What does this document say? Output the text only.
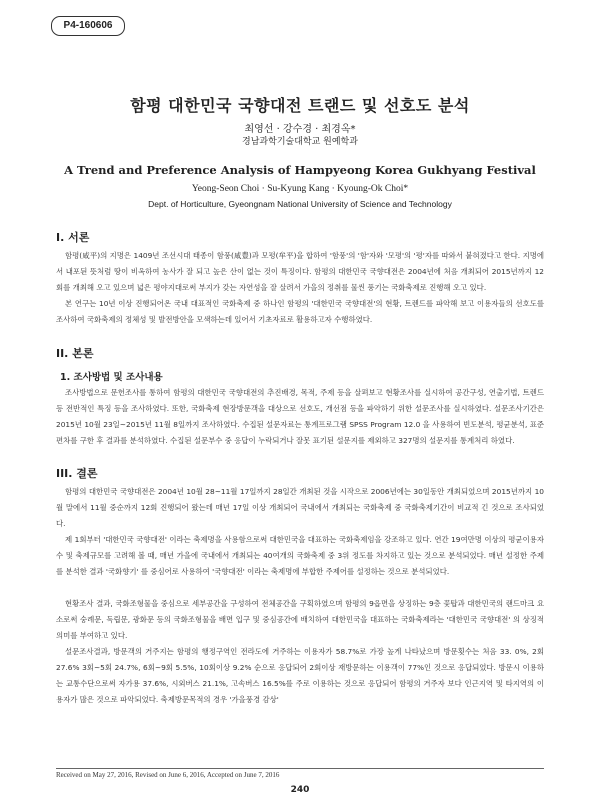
P4-160606
함평 대한민국 국향대전 트랜드 및 선호도 분석
최영선 · 강수경 · 최경옥*
경남과학기술대학교 원예학과
A Trend and Preference Analysis of Hampyeong Korea Gukhyang Festival
Yeong-Seon Choi · Su-Kyung Kang · Kyoung-Ok Choi*
Dept. of Horticulture, Gyeongnam National University of Science and Technology
I. 서론

함평(咸平)의 지명은 1409년 조선시대 태종이 함풍(咸豊)과 모평(牟平)을 합하여 '함풍'의 '함'자와 '모평'의 '평'자를 따와서 붙혀졌다고 한다. 지명에서 내포된 뜻처럼 땅이 비옥하여 농사가 잘 되고 높은 산이 없는 것이 특징이다. 함평의 대한민국 국향대전은 2004년에 처음 개최되어 2015년까지 12회를 개최해 오고 있으며 넓은 평야지대로써 부지가 갖는 자연성을 잘 살려서 가을의 정취를 물씬 풍기는 국화축제로 진행해 오고 있다.

본 연구는 10년 이상 진행되어온 국내 대표적인 국화축제 중 하나인 함평의 '대한민국 국향대전'의 현황, 트렌드를 파악해 보고 이용자들의 선호도를 조사하여 국화축제의 정체성 및 발전방안을 모색하는데 있어서 기초자료로 활용하고자 수행하였다.

II. 본론
1. 조사방법 및 조사내용

조사방법으로 문헌조사를 통하여 함평의 대한민국 국향대전의 추진배경, 목적, 주제 등을 살펴보고 현황조사를 실시하여 공간구성, 연출기법, 트렌드 등 전반적인 특징 등을 조사하였다. 또한, 국화축제 현장방문객을 대상으로 선호도, 개선점 등을 파악하기 위한 설문조사를 실시하였다. 설문조사기간은 2015년 10월 23일~2015년 11월 8일까지 조사하였다. 수집된 설문자료는 통계프로그램 SPSS Program 12.0 을 사용하여 빈도분석, 평균분석, 표준편차를 구한 후 결과를 분석하였다. 수집된 설문부수 중 응답이 누락되거나 잘못 표기된 설문지를 제외하고 327명의 설문지를 통계처리 하였다.

III. 결론

함평의 대한민국 국향대전은 2004년 10월 28~11월 17일까지 28일간 개최된 것을 시작으로 2006년에는 30일동안 개최되었으며 2015년까지 10월 말에서 11월 중순까지 12회 진행되어 왔는데 매년 17일 이상 개최되어 국내에서 개최되는 국화축제 중 국화축제기간이 비교적 긴 것으로 조사되었다.

제 1회부터 '대한민국 국향대전' 이라는 축제명을 사용함으로써 대한민국을 대표하는 국화축제임을 강조하고 있다. 연간 19여만명 이상의 평균이용자 수 및 축제규모를 고려해 볼 때, 매년 가을에 국내에서 개최되는 40여개의 국화축제 중 3위 정도를 차지하고 있는 것으로 분석되었다. 매년 설정한 주제를 분석한 결과 '국화향기' 를 중심어로 사용하여 '국향대전' 이라는 축제명에 부합한 주제어를 설정하는 것으로 분석되었다.

현황조사 결과, 국화조형물을 중심으로 세부공간을 구성하여 전체공간을 구획하였으며 함평의 9읍면을 상징하는 9층 꽃탑과 대한민국의 랜드마크 요소로써 숭례문, 독립문, 광화문 등의 국화조형물을 배면 입구 및 중심공간에 배치하여 대한민국을 대표하는 국화축제라는 '대한민국 국향대전' 의 상징적 의미를 부여하고 있다.

설문조사결과, 방문객의 거주지는 함평의 행정구역인 전라도에 거주하는 이용자가 58.7%로 가장 높게 나타났으며 방문횟수는 처음 33. 0%, 2회 27.6% 3회~5회 24.7%, 6회~9회 5.5%, 10회이상 9.2% 순으로 응답되어 2회이상 재방문하는 이용객이 77%인 것으로 응답되었다. 방문시 이용하는 교통수단으로써 자가용 37.6%, 시외버스 21.1%, 고속버스 16.5%를 주로 이용하는 것으로 응답되어 함평의 거주자 보다 인근지역 및 타지역의 이용자가 많은 것으로 파악되었다. 축제방문목적의 경우 '가을풍경 감상'

Received on May 27, 2016, Revised on June 6, 2016, Accepted on June 7, 2016
240
